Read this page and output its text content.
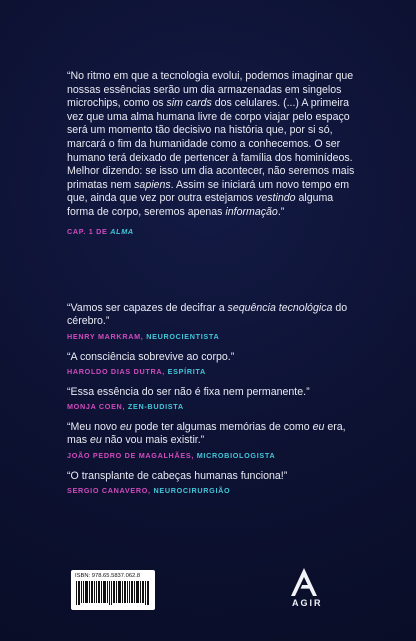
“No ritmo em que a tecnologia evolui, podemos imaginar que nossas essências serão um dia armazenadas em singelos microchips, como os sim cards dos celulares. (...) A primeira vez que uma alma humana livre de corpo viajar pelo espaço será um momento tão decisivo na história que, por si só, marcará o fim da humanidade como a conhecemos. O ser humano terá deixado de pertencer à família dos hominídeos. Melhor dizendo: se isso um dia acontecer, não seremos mais primatas nem sapiens. Assim se iniciará um novo tempo em que, ainda que vez por outra estejamos vestindo alguma forma de corpo, seremos apenas informação.”

CAP. 1 DE ALMA
“Vamos ser capazes de decifrar a sequência tecnológica do cérebro.”
HENRY MARKRAM, NEUROCIENTISTA
“A consciência sobrevive ao corpo.”
HAROLDO DIAS DUTRA, ESPÍRITA
“Essa essência do ser não é fixa nem permanente.”
MONJA COEN, ZEN-BUDISTA
“Meu novo eu pode ter algumas memórias de como eu era, mas eu não vou mais existir.”
JOÃO PEDRO DE MAGALHÃES, MICROBIOLOGISTA
“O transplante de cabeças humanas funciona!”
SERGIO CANAVERO, NEUROCIRURGIÃO
ISBN: 978.65.5837.062.8
AGIR
